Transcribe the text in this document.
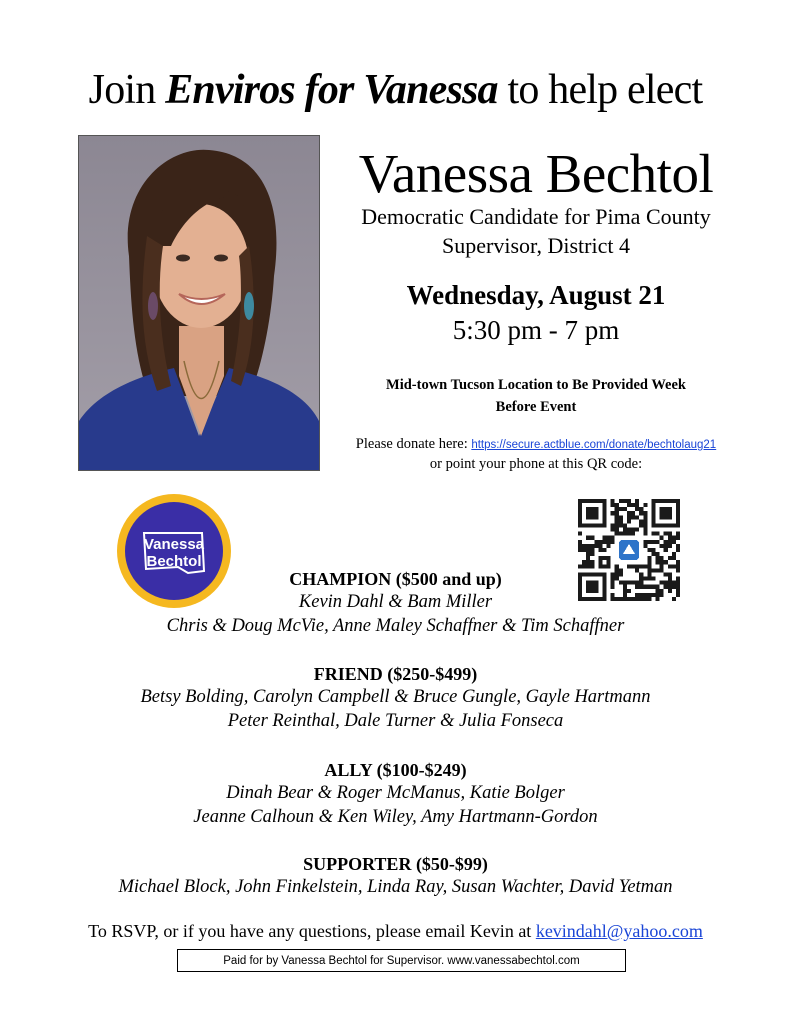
Join Enviros for Vanessa to help elect
Vanessa Bechtol
Democratic Candidate for Pima County
Supervisor, District 4
Wednesday, August 21
5:30 pm - 7 pm
Mid-town Tucson Location to Be Provided Week
Before Event
Please donate here: https://secure.actblue.com/donate/bechtolaug21
or point your phone at this QR code:
Vanessa
Bechtol
CHAMPION ($500 and up)
Kevin Dahl & Bam Miller
Chris & Doug McVie, Anne Maley Schaffner & Tim Schaffner
FRIEND ($250-$499)
Betsy Bolding, Carolyn Campbell & Bruce Gungle, Gayle Hartmann
Peter Reinthal, Dale Turner & Julia Fonseca
ALLY ($100-$249)
Dinah Bear & Roger McManus, Katie Bolger
Jeanne Calhoun & Ken Wiley, Amy Hartmann-Gordon
SUPPORTER ($50-$99)
Michael Block, John Finkelstein, Linda Ray, Susan Wachter, David Yetman
To RSVP, or if you have any questions, please email Kevin at kevindahl@yahoo.com
Paid for by Vanessa Bechtol for Supervisor. www.vanessabechtol.com
